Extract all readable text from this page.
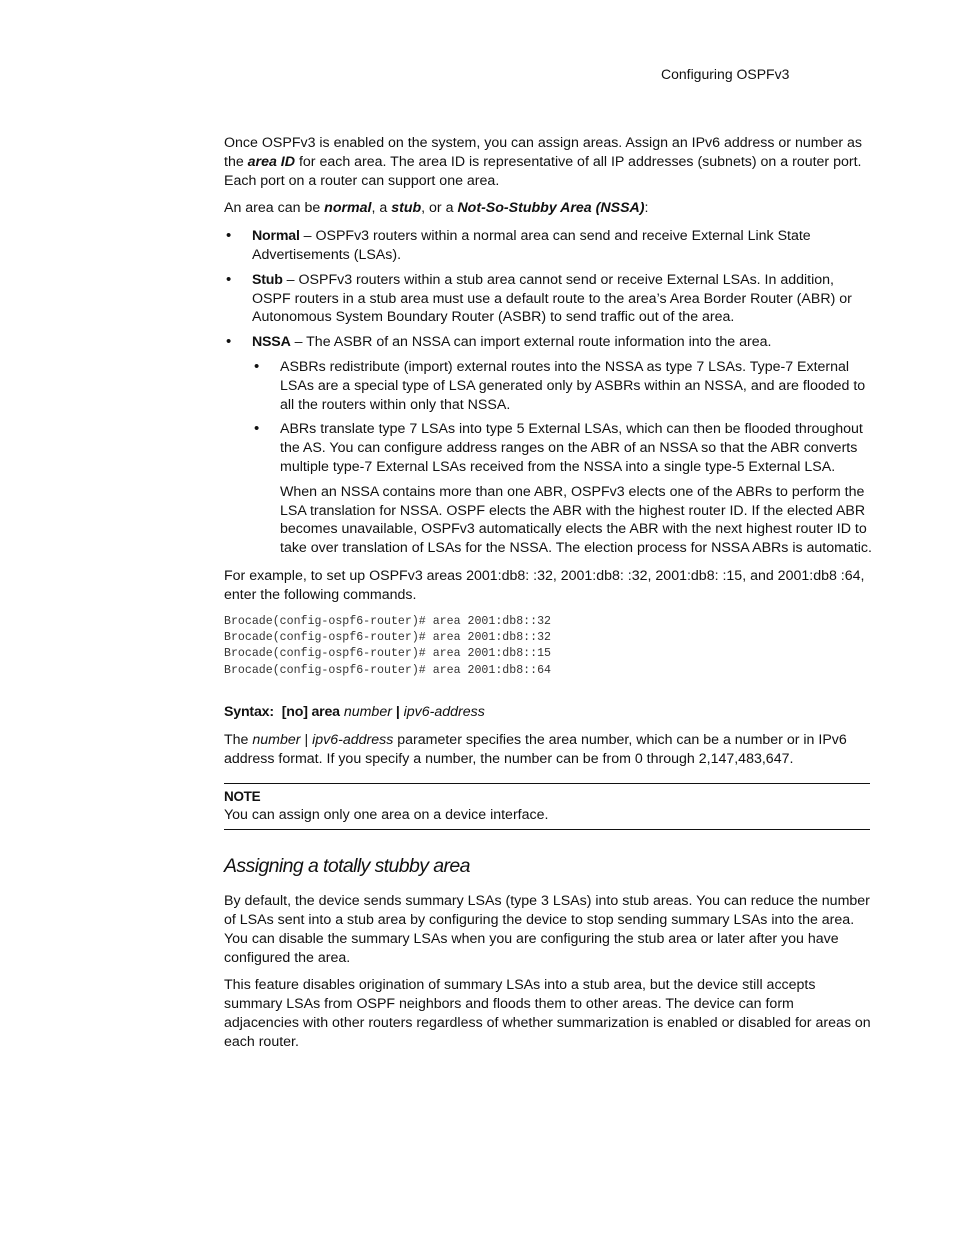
Configuring OSPFv3

Once OSPFv3 is enabled on the system, you can assign areas. Assign an IPv6 address or number as the area ID for each area. The area ID is representative of all IP addresses (subnets) on a router port. Each port on a router can support one area.

An area can be normal, a stub, or a Not-So-Stubby Area (NSSA):

• Normal – OSPFv3 routers within a normal area can send and receive External Link State Advertisements (LSAs).
• Stub – OSPFv3 routers within a stub area cannot send or receive External LSAs. In addition, OSPF routers in a stub area must use a default route to the area’s Area Border Router (ABR) or Autonomous System Boundary Router (ASBR) to send traffic out of the area.
• NSSA – The ASBR of an NSSA can import external route information into the area.
• ASBRs redistribute (import) external routes into the NSSA as type 7 LSAs. Type-7 External LSAs are a special type of LSA generated only by ASBRs within an NSSA, and are flooded to all the routers within only that NSSA.
• ABRs translate type 7 LSAs into type 5 External LSAs, which can then be flooded throughout the AS. You can configure address ranges on the ABR of an NSSA so that the ABR converts multiple type-7 External LSAs received from the NSSA into a single type-5 External LSA.

When an NSSA contains more than one ABR, OSPFv3 elects one of the ABRs to perform the LSA translation for NSSA. OSPF elects the ABR with the highest router ID. If the elected ABR becomes unavailable, OSPFv3 automatically elects the ABR with the next highest router ID to take over translation of LSAs for the NSSA. The election process for NSSA ABRs is automatic.

For example, to set up OSPFv3 areas 2001:db8: :32, 2001:db8: :32, 2001:db8: :15, and 2001:db8 :64, enter the following commands.

Brocade(config-ospf6-router)# area 2001:db8::32
Brocade(config-ospf6-router)# area 2001:db8::32
Brocade(config-ospf6-router)# area 2001:db8::15
Brocade(config-ospf6-router)# area 2001:db8::64

Syntax: [no] area number | ipv6-address

The number | ipv6-address parameter specifies the area number, which can be a number or in IPv6 address format. If you specify a number, the number can be from 0 through 2,147,483,647.

NOTE
You can assign only one area on a device interface.
Assigning a totally stubby area

By default, the device sends summary LSAs (type 3 LSAs) into stub areas. You can reduce the number of LSAs sent into a stub area by configuring the device to stop sending summary LSAs into the area. You can disable the summary LSAs when you are configuring the stub area or later after you have configured the area.

This feature disables origination of summary LSAs into a stub area, but the device still accepts summary LSAs from OSPF neighbors and floods them to other areas. The device can form adjacencies with other routers regardless of whether summarization is enabled or disabled for areas on each router.
